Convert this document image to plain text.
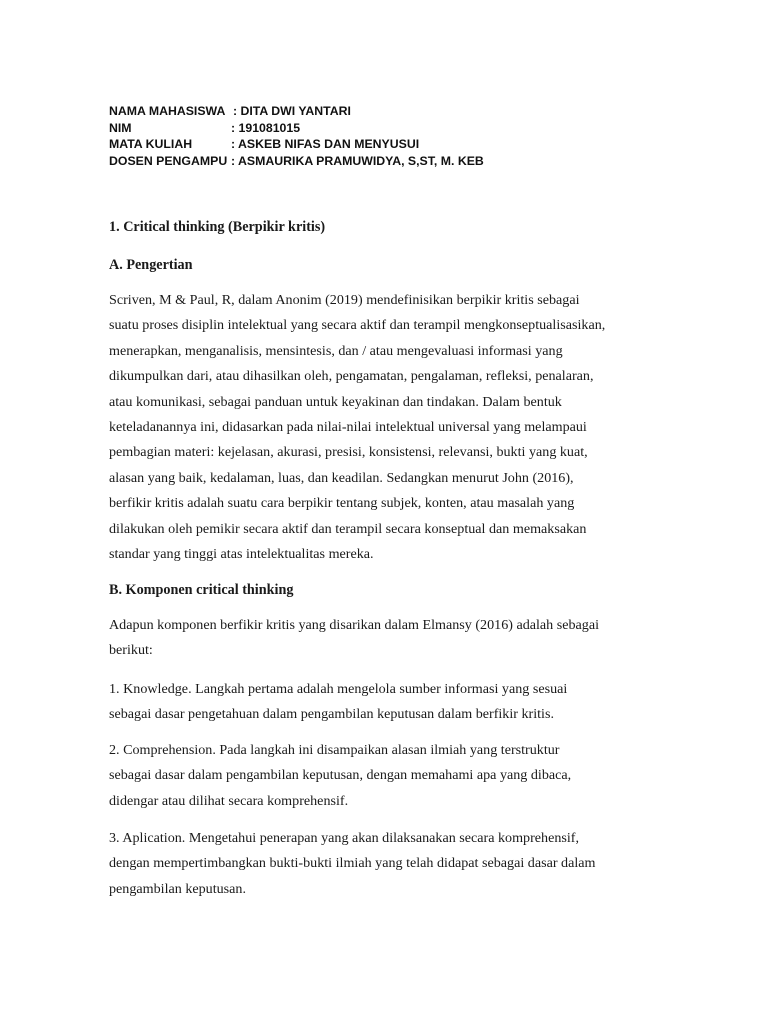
NAMA MAHASISWA : DITA DWI YANTARI
NIM	: 191081015
MATA KULIAH	: ASKEB NIFAS DAN MENYUSUI
DOSEN PENGAMPU : ASMAURIKA PRAMUWIDYA, S,ST, M. KEB
1. Critical thinking (Berpikir kritis)
A. Pengertian
Scriven, M & Paul, R, dalam Anonim (2019) mendefinisikan berpikir kritis sebagai
suatu proses disiplin intelektual yang secara aktif dan terampil mengkonseptualisasikan,
menerapkan, menganalisis, mensintesis, dan / atau mengevaluasi informasi yang
dikumpulkan dari, atau dihasilkan oleh, pengamatan, pengalaman, refleksi, penalaran,
atau komunikasi, sebagai panduan untuk keyakinan dan tindakan. Dalam bentuk
keteladanannya ini, didasarkan pada nilai-nilai intelektual universal yang melampaui
pembagian materi: kejelasan, akurasi, presisi, konsistensi, relevansi, bukti yang kuat,
alasan yang baik, kedalaman, luas, dan keadilan. Sedangkan menurut John (2016),
berfikir kritis adalah suatu cara berpikir tentang subjek, konten, atau masalah yang
dilakukan oleh pemikir secara aktif dan terampil secara konseptual dan memaksakan
standar yang tinggi atas intelektualitas mereka.
B. Komponen critical thinking
Adapun komponen berfikir kritis yang disarikan dalam Elmansy (2016) adalah sebagai
berikut:
1. Knowledge. Langkah pertama adalah mengelola sumber informasi yang sesuai
sebagai dasar pengetahuan dalam pengambilan keputusan dalam berfikir kritis.
2. Comprehension. Pada langkah ini disampaikan alasan ilmiah yang terstruktur
sebagai dasar dalam pengambilan keputusan, dengan memahami apa yang dibaca,
didengar atau dilihat secara komprehensif.
3. Aplication. Mengetahui penerapan yang akan dilaksanakan secara komprehensif,
dengan mempertimbangkan bukti-bukti ilmiah yang telah didapat sebagai dasar dalam
pengambilan keputusan.
